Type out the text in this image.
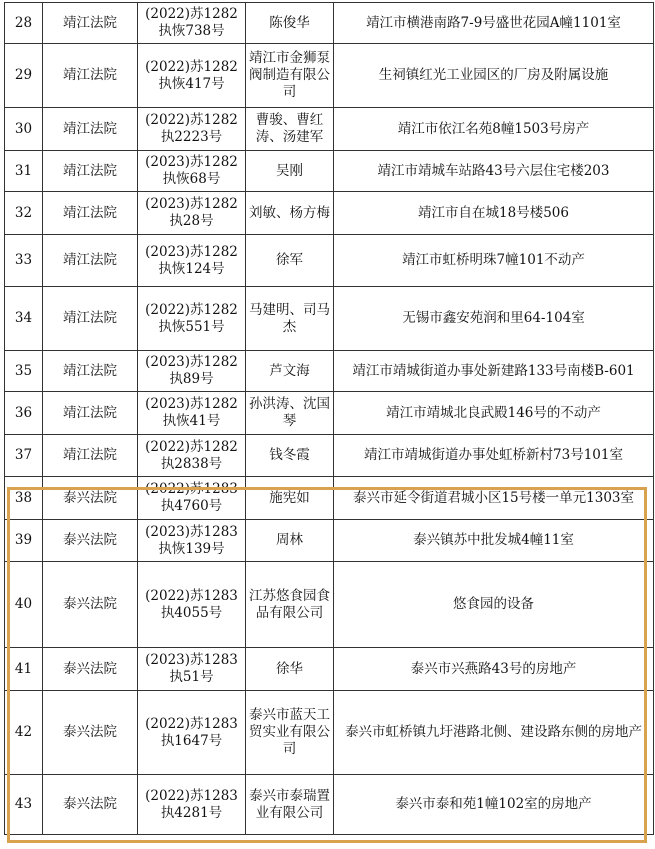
28	靖江法院	(2022)苏1282执恢738号	陈俊华	靖江市横港南路7-9号盛世花园A幢1101室
29	靖江法院	(2022)苏1282执恢417号	靖江市金狮泵阀制造有限公司	生祠镇红光工业园区的厂房及附属设施
30	靖江法院	(2022)苏1282执2223号	曹骏、曹红涛、汤建军	靖江市依江名苑8幢1503号房产
31	靖江法院	(2023)苏1282执恢68号	吴刚	靖江市靖城车站路43号六层住宅楼203
32	靖江法院	(2023)苏1282执28号	刘敏、杨方梅	靖江市自在城18号楼506
33	靖江法院	(2023)苏1282执恢124号	徐军	靖江市虹桥明珠7幢101不动产
34	靖江法院	(2022)苏1282执恢551号	马建明、司马杰	无锡市鑫安苑润和里64-104室
35	靖江法院	(2023)苏1282执89号	芦文海	靖江市靖城街道办事处新建路133号南楼B-601
36	靖江法院	(2023)苏1282执恢41号	孙洪涛、沈国琴	靖江市靖城北良武殿146号的不动产
37	靖江法院	(2022)苏1282执2838号	钱冬霞	靖江市靖城街道办事处虹桥新村73号101室
38	泰兴法院	(2022)苏1283执4760号	施宪如	泰兴市延令街道君城小区15号楼一单元1303室
39	泰兴法院	(2023)苏1283执恢139号	周林	泰兴镇苏中批发城4幢11室
40	泰兴法院	(2022)苏1283执4055号	江苏悠食园食品有限公司	悠食园的设备
41	泰兴法院	(2023)苏1283执51号	徐华	泰兴市兴燕路43号的房地产
42	泰兴法院	(2022)苏1283执1647号	泰兴市蓝天工贸实业有限公司	泰兴市虹桥镇九圩港路北侧、建设路东侧的房地产
43	泰兴法院	(2022)苏1283执4281号	泰兴市泰瑞置业有限公司	泰兴市泰和苑1幢102室的房地产
